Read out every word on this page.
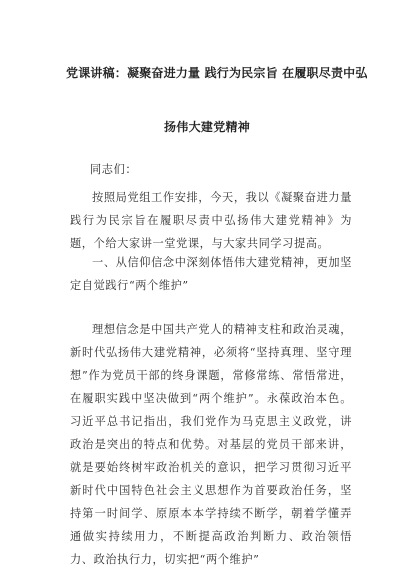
党课讲稿：凝聚奋进力量 践行为民宗旨 在履职尽责中弘
扬伟大建党精神
同志们：
按照局党组工作安排，今天，我以《凝聚奋进力量践行为民宗旨在履职尽责中弘扬伟大建党精神》为题，个给大家讲一堂党课，与大家共同学习提高。
一、从信仰信念中深刻体悟伟大建党精神，更加坚定自觉践行“两个维护”
理想信念是中国共产党人的精神支柱和政治灵魂，新时代弘扬伟大建党精神，必须将“坚持真理、坚守理想”作为党员干部的终身课题，常修常练、常悟常进，在履职实践中坚决做到“两个维护”。永葆政治本色。习近平总书记指出，我们党作为马克思主义政党，讲政治是突出的特点和优势。对基层的党员干部来讲，就是要始终树牢政治机关的意识，把学习贯彻习近平新时代中国特色社会主义思想作为首要政治任务，坚持第一时间学、原原本本学持续不断学，朝着学懂弄通做实持续用力，不断提高政治判断力、政治领悟力、政治执行力，切实把“两个维护”
